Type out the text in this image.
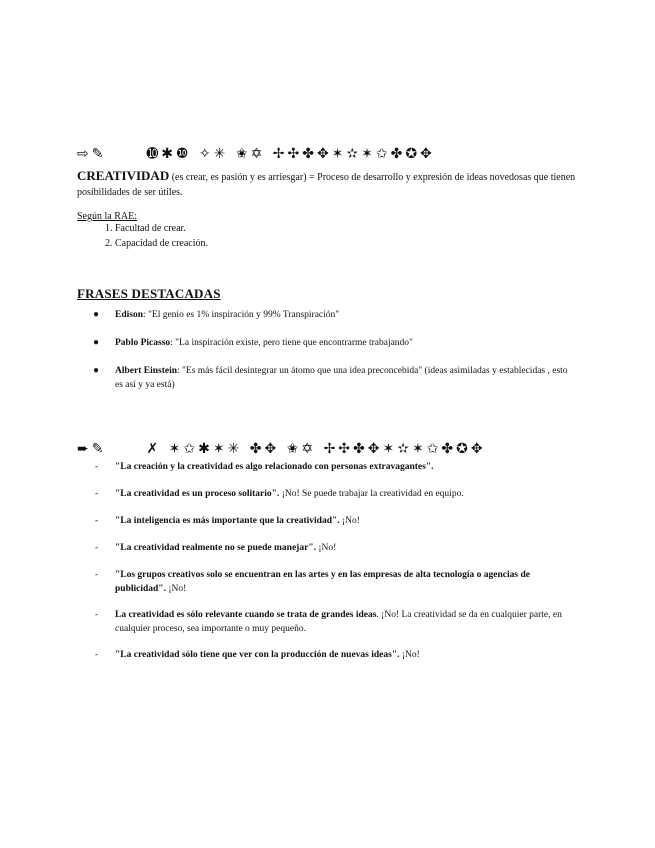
⇨✎	➓✱❿ ✧✳ ✬✡ ✢✣✤✥✶✫✶✩✤✪✥
CREATIVIDAD (es crear, es pasión y es arriesgar) = Proceso de desarrollo y expresión de ideas novedosas que tienen posibilidades de ser útiles.
Según la RAE:
1. Facultad de crear.
2. Capacidad de creación.
FRASES DESTACADAS
● Edison: "El genio es 1% inspiración y 99% Transpiración"
● Pablo Picasso: "La inspiración existe, pero tiene que encontrarme trabajando"
● Albert Einstein: "Es más fácil desintegrar un átomo que una idea preconcebida" (ideas asimiladas y establecidas , esto es así y ya está)
➨✎	✗ ✶✩✱✶✳ ✤✥ ✬✡ ✢✣✤✥✶✫✶✩✤✪✥
- "La creación y la creatividad es algo relacionado con personas extravagantes".
- "La creatividad es un proceso solitario". ¡No! Se puede trabajar la creatividad en equipo.
- "La inteligencia es más importante que la creatividad". ¡No!
- "La creatividad realmente no se puede manejar". ¡No!
- "Los grupos creativos solo se encuentran en las artes y en las empresas de alta tecnología o agencias de publicidad". ¡No!
- La creatividad es sólo relevante cuando se trata de grandes ideas. ¡No! La creatividad se da en cualquier parte, en cualquier proceso, sea importante o muy pequeño.
- "La creatividad sólo tiene que ver con la producción de nuevas ideas". ¡No!
